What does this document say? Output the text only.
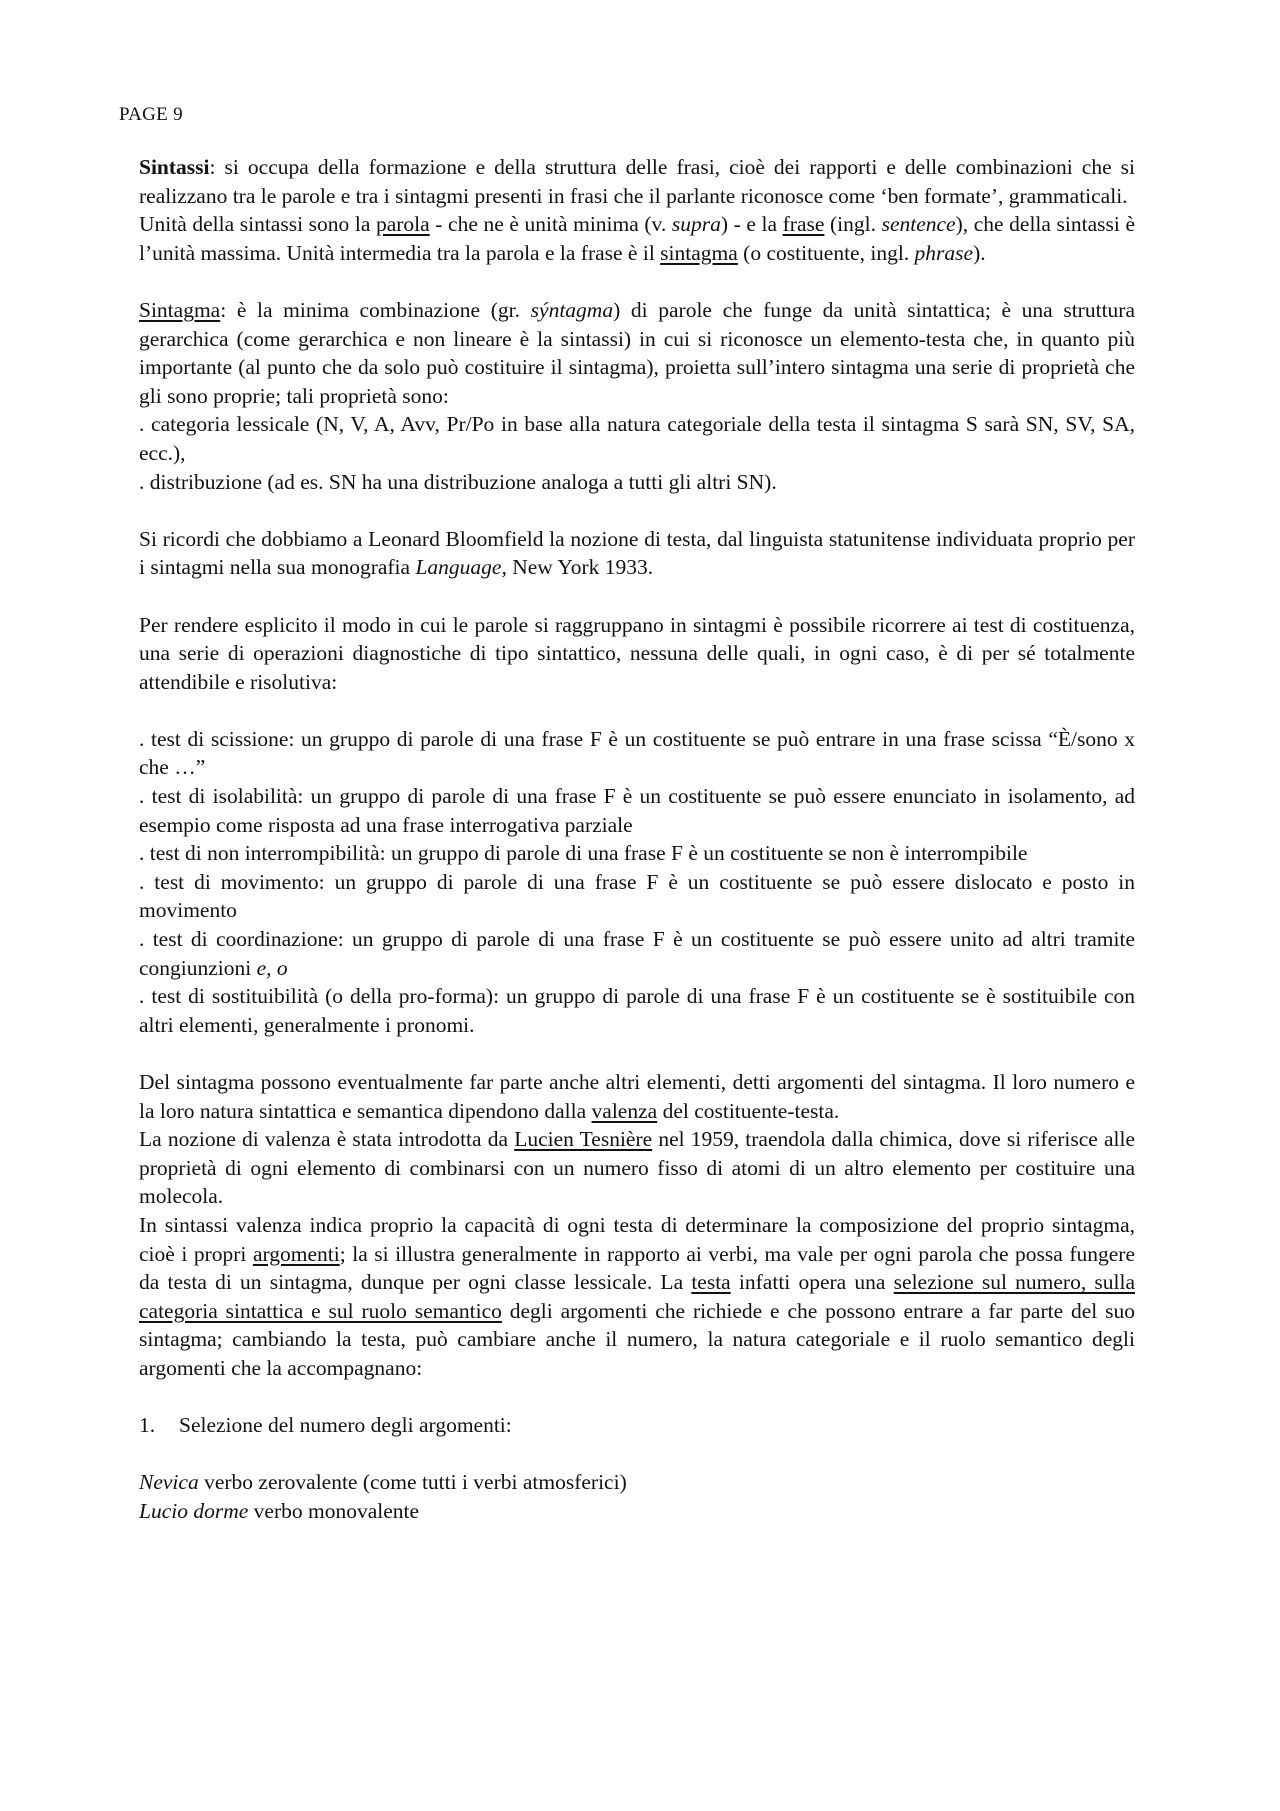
PAGE 9

Sintassi: si occupa della formazione e della struttura delle frasi, cioè dei rapporti e delle combinazioni che si realizzano tra le parole e tra i sintagmi presenti in frasi che il parlante riconosce come ‘ben formate’, grammaticali.

Unità della sintassi sono la parola - che ne è unità minima (v. supra) - e la frase (ingl. sentence), che della sintassi è l’unità massima. Unità intermedia tra la parola e la frase è il sintagma (o costituente, ingl. phrase).

Sintagma: è la minima combinazione (gr. sýntagma) di parole che funge da unità sintattica; è una struttura gerarchica (come gerarchica e non lineare è la sintassi) in cui si riconosce un elemento-testa che, in quanto più importante (al punto che da solo può costituire il sintagma), proietta sull’intero sintagma una serie di proprietà che gli sono proprie; tali proprietà sono:

. categoria lessicale (N, V, A, Avv, Pr/Po in base alla natura categoriale della testa il sintagma S sarà SN, SV, SA, ecc.),

. distribuzione (ad es. SN ha una distribuzione analoga a tutti gli altri SN).

Si ricordi che dobbiamo a Leonard Bloomfield la nozione di testa, dal linguista statunitense individuata proprio per i sintagmi nella sua monografia Language, New York 1933.

Per rendere esplicito il modo in cui le parole si raggruppano in sintagmi è possibile ricorrere ai test di costituenza, una serie di operazioni diagnostiche di tipo sintattico, nessuna delle quali, in ogni caso, è di per sé totalmente attendibile e risolutiva:

. test di scissione: un gruppo di parole di una frase F è un costituente se può entrare in una frase scissa “È/sono x che …”

. test di isolabilità: un gruppo di parole di una frase F è un costituente se può essere enunciato in isolamento, ad esempio come risposta ad una frase interrogativa parziale

. test di non interrompibilità: un gruppo di parole di una frase F è un costituente se non è interrompibile

. test di movimento: un gruppo di parole di una frase F è un costituente se può essere dislocato e posto in movimento

. test di coordinazione: un gruppo di parole di una frase F è un costituente se può essere unito ad altri tramite congiunzioni e, o

. test di sostituibilità (o della pro-forma): un gruppo di parole di una frase F è un costituente se è sostituibile con altri elementi, generalmente i pronomi.

Del sintagma possono eventualmente far parte anche altri elementi, detti argomenti del sintagma. Il loro numero e la loro natura sintattica e semantica dipendono dalla valenza del costituente-testa.

La nozione di valenza è stata introdotta da Lucien Tesnière nel 1959, traendola dalla chimica, dove si riferisce alle proprietà di ogni elemento di combinarsi con un numero fisso di atomi di un altro elemento per costituire una molecola.

In sintassi valenza indica proprio la capacità di ogni testa di determinare la composizione del proprio sintagma, cioè i propri argomenti; la si illustra generalmente in rapporto ai verbi, ma vale per ogni parola che possa fungere da testa di un sintagma, dunque per ogni classe lessicale. La testa infatti opera una selezione sul numero, sulla categoria sintattica e sul ruolo semantico degli argomenti che richiede e che possono entrare a far parte del suo sintagma; cambiando la testa, può cambiare anche il numero, la natura categoriale e il ruolo semantico degli argomenti che la accompagnano:

1. Selezione del numero degli argomenti:

Nevica verbo zerovalente (come tutti i verbi atmosferici)

Lucio dorme verbo monovalente
